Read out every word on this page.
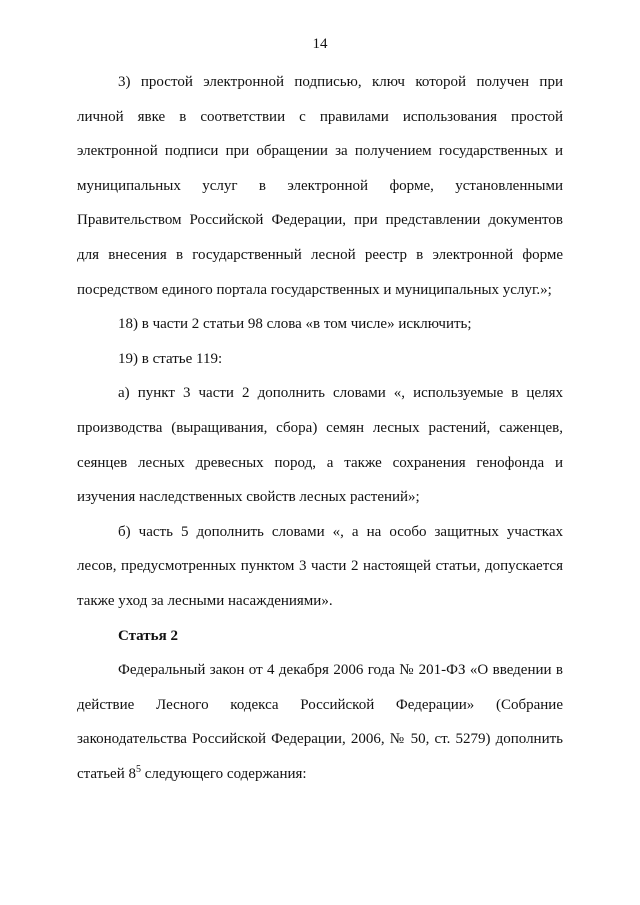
14

3) простой электронной подписью, ключ которой получен при личной явке в соответствии с правилами использования простой электронной подписи при обращении за получением государственных и муниципальных услуг в электронной форме, установленными Правительством Российской Федерации, при представлении документов для внесения в государственный лесной реестр в электронной форме посредством единого портала государственных и муниципальных услуг.»;

18) в части 2 статьи 98 слова «в том числе» исключить;

19) в статье 119:

а) пункт 3 части 2 дополнить словами «, используемые в целях производства (выращивания, сбора) семян лесных растений, саженцев, сеянцев лесных древесных пород, а также сохранения генофонда и изучения наследственных свойств лесных растений»;

б) часть 5 дополнить словами «, а на особо защитных участках лесов, предусмотренных пунктом 3 части 2 настоящей статьи, допускается также уход за лесными насаждениями».

Статья 2

Федеральный закон от 4 декабря 2006 года № 201-ФЗ «О введении в действие Лесного кодекса Российской Федерации» (Собрание законодательства Российской Федерации, 2006, № 50, ст. 5279) дополнить статьей $8^5$ следующего содержания:
